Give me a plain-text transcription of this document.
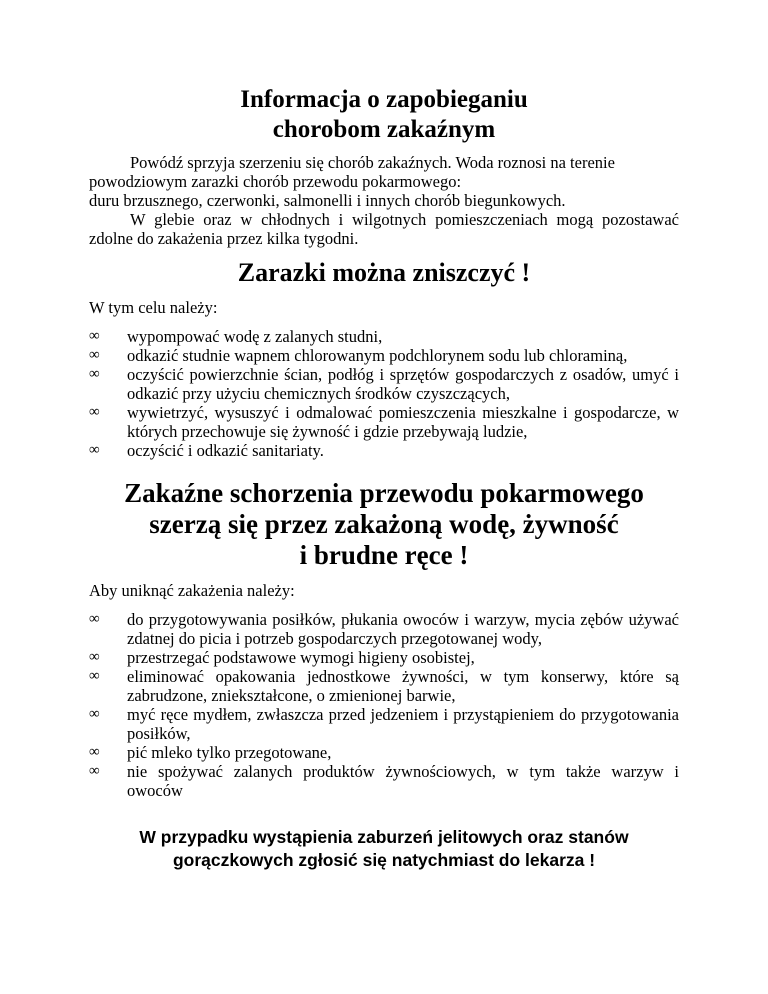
Informacja o zapobieganiu
chorobom zakaźnym

Powódź sprzyja szerzeniu się chorób zakaźnych. Woda roznosi na terenie
powodziowym zarazki chorób przewodu pokarmowego:
duru brzusznego, czerwonki, salmonelli i innych chorób biegunkowych.

W glebie oraz w chłodnych i wilgotnych pomieszczeniach mogą pozostawać zdolne do zakażenia przez kilka tygodni.

Zarazki można zniszczyć !

W tym celu należy:

∞	wypompować wodę z zalanych studni,
∞	odkazić studnie wapnem chlorowanym podchlorynem sodu lub chloraminą,
∞	oczyścić powierzchnie ścian, podłóg i sprzętów gospodarczych z osadów, umyć i odkazić przy użyciu chemicznych środków czyszczących,
∞	wywietrzyć, wysuszyć i odmalować pomieszczenia mieszkalne i gospodarcze, w których przechowuje się żywność i gdzie przebywają ludzie,
∞	oczyścić i odkazić sanitariaty.
Zakaźne schorzenia przewodu pokarmowego
szerzą się przez zakażoną wodę, żywność
i brudne ręce !

Aby uniknąć zakażenia należy:

∞	do przygotowywania posiłków, płukania owoców i warzyw, mycia zębów używać zdatnej do picia i potrzeb gospodarczych przegotowanej wody,
∞	przestrzegać podstawowe wymogi higieny osobistej,
∞	eliminować opakowania jednostkowe żywności, w tym konserwy, które są zabrudzone, zniekształcone, o zmienionej barwie,
∞	myć ręce mydłem, zwłaszcza przed jedzeniem i przystąpieniem do przygotowania posiłków,
∞	pić mleko tylko przegotowane,
∞	nie spożywać zalanych produktów żywnościowych, w tym także warzyw i owoców
W przypadku wystąpienia zaburzeń jelitowych oraz stanów
gorączkowych zgłosić się natychmiast do lekarza !
